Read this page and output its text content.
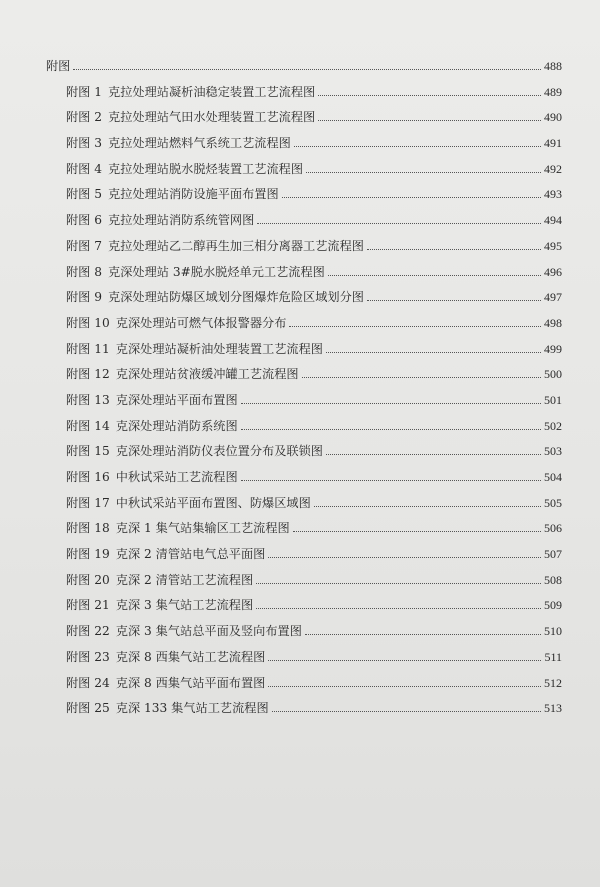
附图	488
附图 1 克拉处理站凝析油稳定装置工艺流程图	489
附图 2 克拉处理站气田水处理装置工艺流程图	490
附图 3 克拉处理站燃料气系统工艺流程图	491
附图 4 克拉处理站脱水脱烃装置工艺流程图	492
附图 5 克拉处理站消防设施平面布置图	493
附图 6 克拉处理站消防系统管网图	494
附图 7 克拉处理站乙二醇再生加三相分离器工艺流程图	495
附图 8 克深处理站 3#脱水脱烃单元工艺流程图	496
附图 9 克深处理站防爆区域划分图爆炸危险区域划分图	497
附图 10 克深处理站可燃气体报警器分布	498
附图 11 克深处理站凝析油处理装置工艺流程图	499
附图 12 克深处理站贫液缓冲罐工艺流程图	500
附图 13 克深处理站平面布置图	501
附图 14 克深处理站消防系统图	502
附图 15 克深处理站消防仪表位置分布及联锁图	503
附图 16 中秋试采站工艺流程图	504
附图 17 中秋试采站平面布置图、防爆区域图	505
附图 18 克深 1 集气站集输区工艺流程图	506
附图 19 克深 2 清管站电气总平面图	507
附图 20 克深 2 清管站工艺流程图	508
附图 21 克深 3 集气站工艺流程图	509
附图 22 克深 3 集气站总平面及竖向布置图	510
附图 23 克深 8 西集气站工艺流程图	511
附图 24 克深 8 西集气站平面布置图	512
附图 25 克深 133 集气站工艺流程图	513
